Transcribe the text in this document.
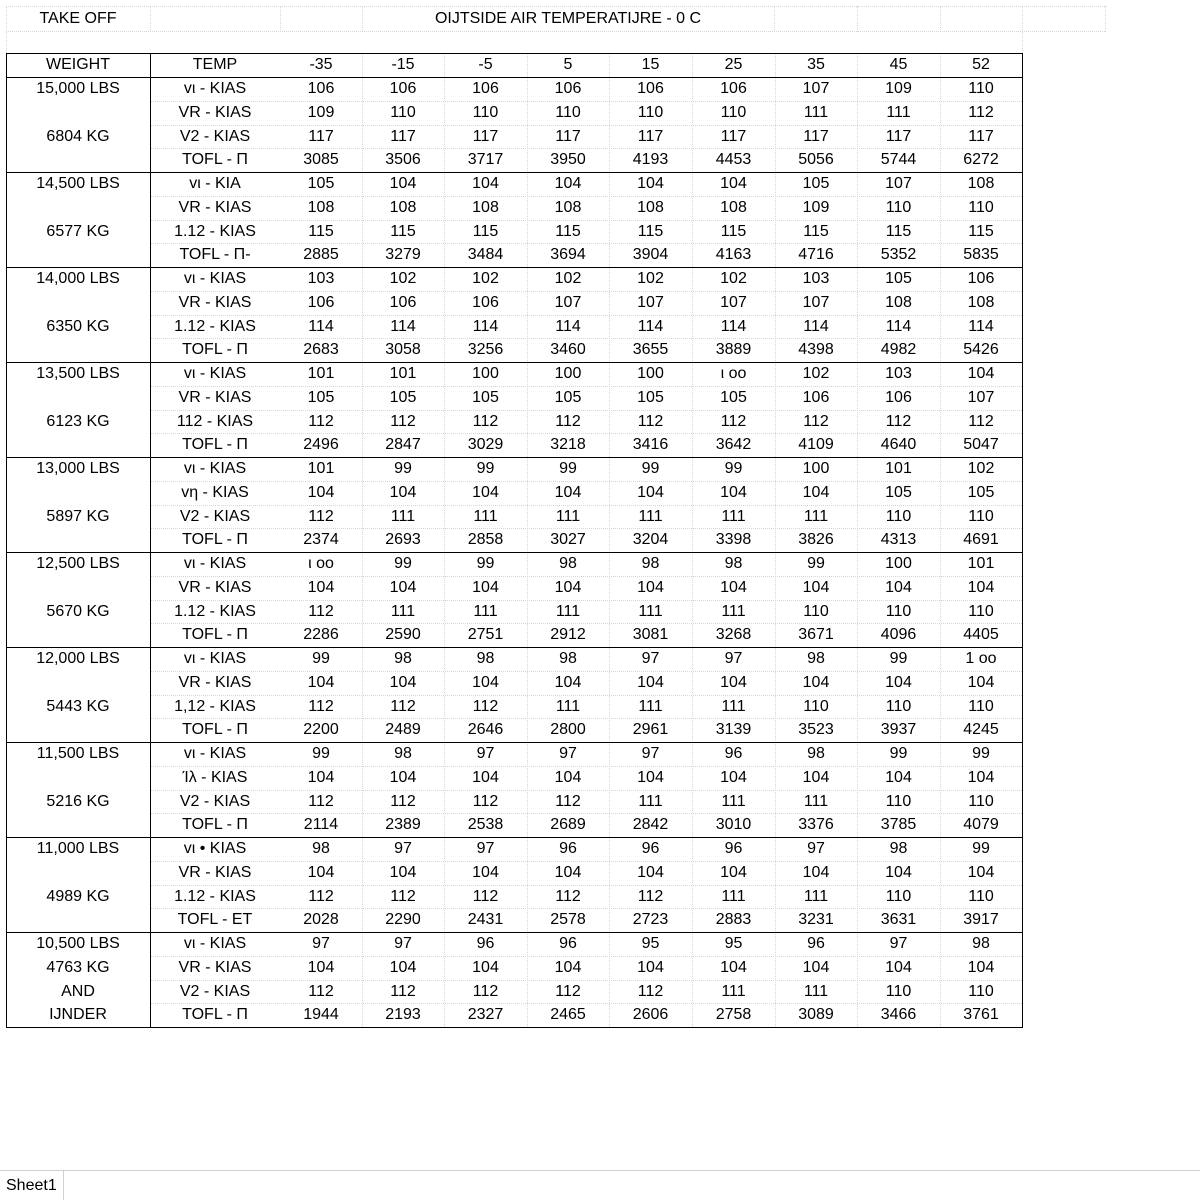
WEIGHT	TEMP	-35	-15	-5	5	15	25	35	45	52
15,000 LBS	vι - KIAS	106	106	106	106	106	106	107	109	110
VR - KIAS	109	110	110	110	110	110	111	111	112
6804 KG	V2 - KIAS	117	117	117	117	117	117	117	117	117
TOFL - Π	3085	3506	3717	3950	4193	4453	5056	5744	6272
14,500 LBS	vι - KIA	105	104	104	104	104	104	105	107	108
VR - KIAS	108	108	108	108	108	108	109	110	110
6577 KG	1.12 - KIAS	115	115	115	115	115	115	115	115	115
TOFL - Π-	2885	3279	3484	3694	3904	4163	4716	5352	5835
14,000 LBS	vι - KIAS	103	102	102	102	102	102	103	105	106
VR - KIAS	106	106	106	107	107	107	107	108	108
6350 KG	1.12 - KIAS	114	114	114	114	114	114	114	114	114
TOFL - Π	2683	3058	3256	3460	3655	3889	4398	4982	5426
13,500 LBS	vι - KIAS	101	101	100	100	100	ι oo	102	103	104
VR - KIAS	105	105	105	105	105	105	106	106	107
6123 KG	112 - KIAS	112	112	112	112	112	112	112	112	112
TOFL - Π	2496	2847	3029	3218	3416	3642	4109	4640	5047
13,000 LBS	vι - KIAS	101	99	99	99	99	99	100	101	102
vη - KIAS	104	104	104	104	104	104	104	105	105
5897 KG	V2 - KIAS	112	111	111	111	111	111	111	110	110
TOFL - Π	2374	2693	2858	3027	3204	3398	3826	4313	4691
12,500 LBS	vι - KIAS	ι oo	99	99	98	98	98	99	100	101
VR - KIAS	104	104	104	104	104	104	104	104	104
5670 KG	1.12 - KIAS	112	111	111	111	111	111	110	110	110
TOFL - Π	2286	2590	2751	2912	3081	3268	3671	4096	4405
12,000 LBS	vι - KIAS	99	98	98	98	97	97	98	99	1 oo
VR - KIAS	104	104	104	104	104	104	104	104	104
5443 KG	1,12 - KIAS	112	112	112	111	111	111	110	110	110
TOFL - Π	2200	2489	2646	2800	2961	3139	3523	3937	4245
11,500 LBS	vι - KIAS	99	98	97	97	97	96	98	99	99
Ίλ - KIAS	104	104	104	104	104	104	104	104	104
5216 KG	V2 - KIAS	112	112	112	112	111	111	111	110	110
TOFL - Π	2114	2389	2538	2689	2842	3010	3376	3785	4079
11,000 LBS	vι • KIAS	98	97	97	96	96	96	97	98	99
VR - KIAS	104	104	104	104	104	104	104	104	104
4989 KG	1.12 - KIAS	112	112	112	112	112	111	111	110	110
TOFL - ET	2028	2290	2431	2578	2723	2883	3231	3631	3917
10,500 LBS	vι - KIAS	97	97	96	96	95	95	96	97	98
4763 KG	VR - KIAS	104	104	104	104	104	104	104	104	104
AND	V2 - KIAS	112	112	112	112	112	111	111	110	110
IJNDER	TOFL - Π	1944	2193	2327	2465	2606	2758	3089	3466	3761
TAKE OFF	OIJTSIDE AIR TEMPERATIJRE - 0 C
Sheet1
